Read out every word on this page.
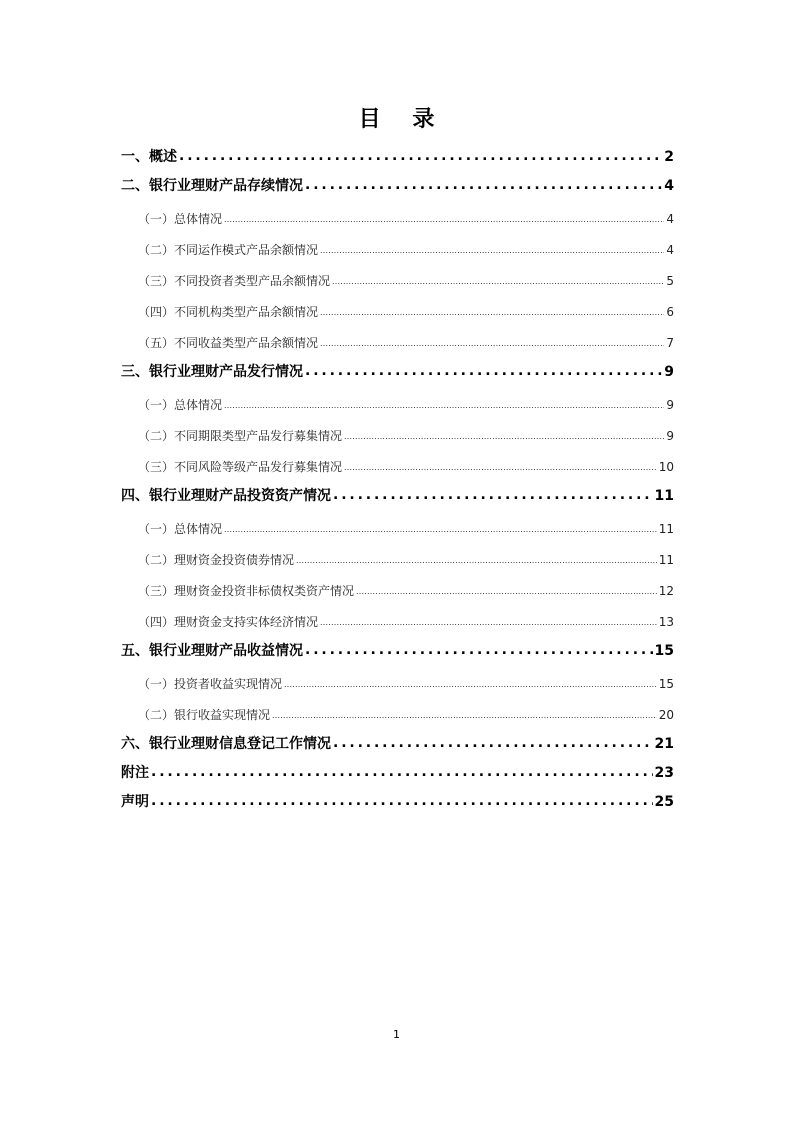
目 录
一、 概述 . . .	2
二、 银行业理财产品存续情况 . . .	4
（一） 总体情况 .....	4
（二） 不同运作模式产品余额情况 .....	4
（三） 不同投资者类型产品余额情况 .....	5
（四） 不同机构类型产品余额情况 .....	6
（五） 不同收益类型产品余额情况 .....	7
三、 银行业理财产品发行情况 . . .	9
（一） 总体情况 .....	9
（二） 不同期限类型产品发行募集情况 .....	9
（三） 不同风险等级产品发行募集情况 .....	10
四、 银行业理财产品投资资产情况 . . .	11
（一） 总体情况 .....	11
（二） 理财资金投资债券情况 .....	11
（三） 理财资金投资非标债权类资产情况 .....	12
（四） 理财资金支持实体经济情况 .....	13
五、 银行业理财产品收益情况 . . .	15
（一） 投资者收益实现情况 .....	15
（二） 银行收益实现情况 .....	20
六、 银行业理财信息登记工作情况 . . .	21
附注 . . .	23
声明 . . .	25
1
